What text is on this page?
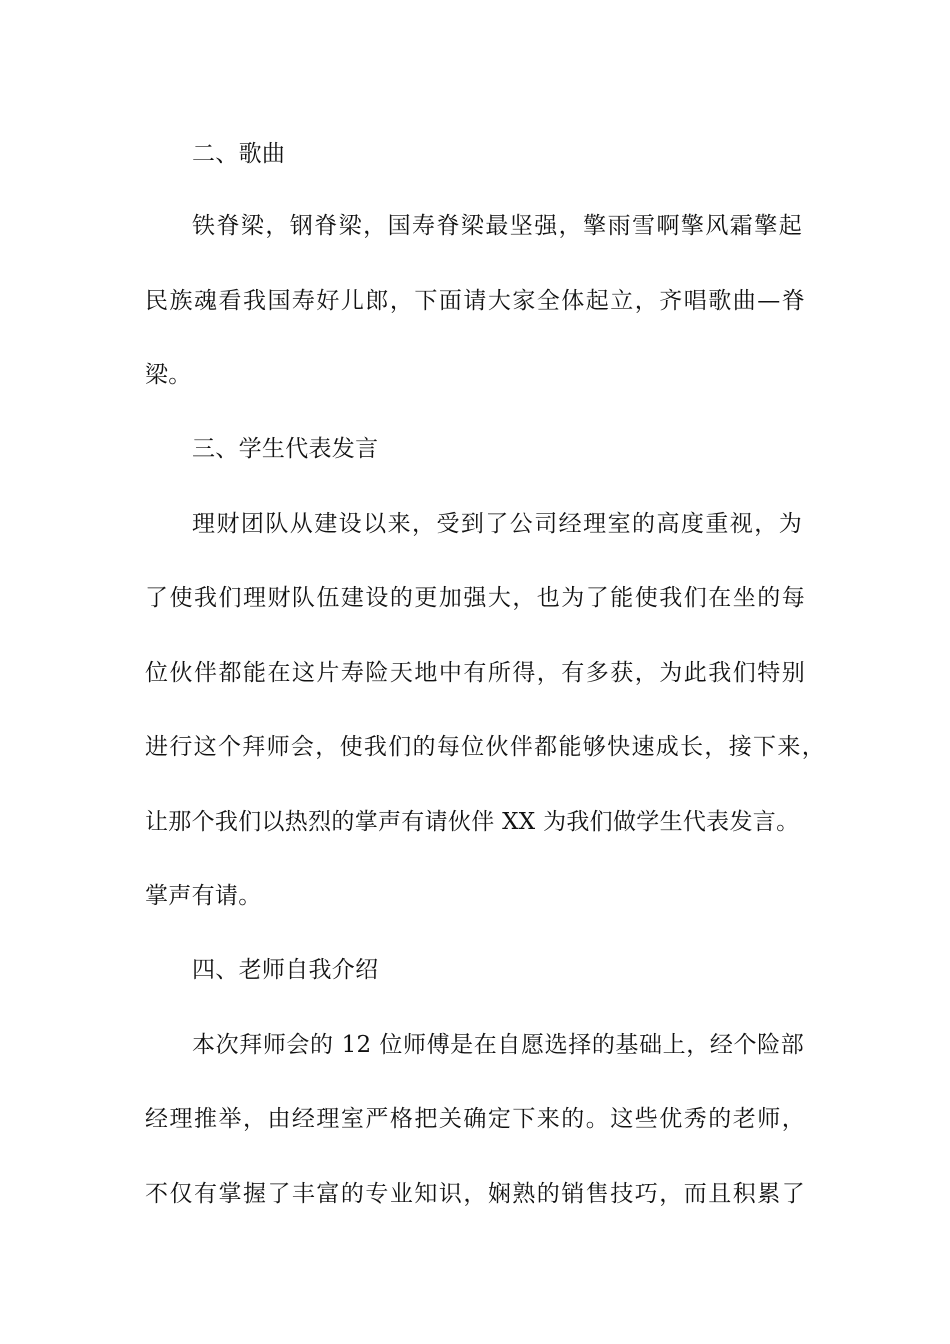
二、歌曲
铁脊梁，钢脊梁，国寿脊梁最坚强，擎雨雪啊擎风霜擎起
民族魂看我国寿好儿郎，下面请大家全体起立，齐唱歌曲—脊
梁。
三、学生代表发言
理财团队从建设以来，受到了公司经理室的高度重视，为
了使我们理财队伍建设的更加强大，也为了能使我们在坐的每
位伙伴都能在这片寿险天地中有所得，有多获，为此我们特别
进行这个拜师会，使我们的每位伙伴都能够快速成长，接下来，
让那个我们以热烈的掌声有请伙伴 XX 为我们做学生代表发言。
掌声有请。
四、老师自我介绍
本次拜师会的 12 位师傅是在自愿选择的基础上，经个险部
经理推举，由经理室严格把关确定下来的。这些优秀的老师，
不仅有掌握了丰富的专业知识，娴熟的销售技巧，而且积累了
